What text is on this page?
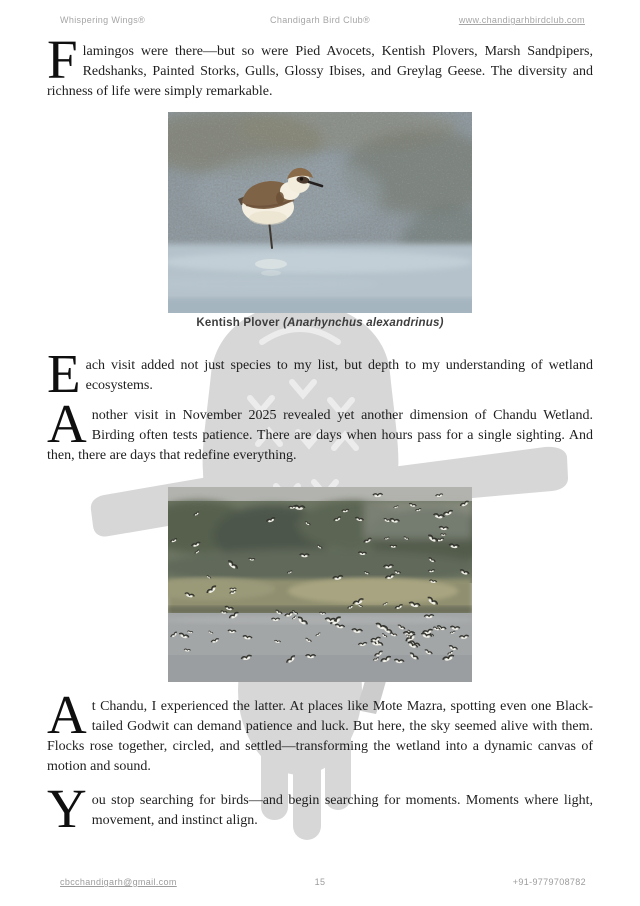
Whispering Wings®	Chandigarh Bird Club®	www.chandigarhbirdclub.com

Flamingos were there—but so were Pied Avocets, Kentish Plovers, Marsh Sandpipers, Redshanks, Painted Storks, Gulls, Glossy Ibises, and Greylag Geese. The diversity and richness of life were simply remarkable.

Kentish Plover (Anarhynchus alexandrinus)

Each visit added not just species to my list, but depth to my understanding of wetland ecosystems.

Another visit in November 2025 revealed yet another dimension of Chandu Wetland. Birding often tests patience. There are days when hours pass for a single sighting. And then, there are days that redefine everything.

At Chandu, I experienced the latter. At places like Mote Mazra, spotting even one Black-tailed Godwit can demand patience and luck. But here, the sky seemed alive with them. Flocks rose together, circled, and settled—transforming the wetland into a dynamic canvas of motion and sound.

You stop searching for birds—and begin searching for moments. Moments where light, movement, and instinct align.

cbcchandigarh@gmail.com	15	+91-9779708782
